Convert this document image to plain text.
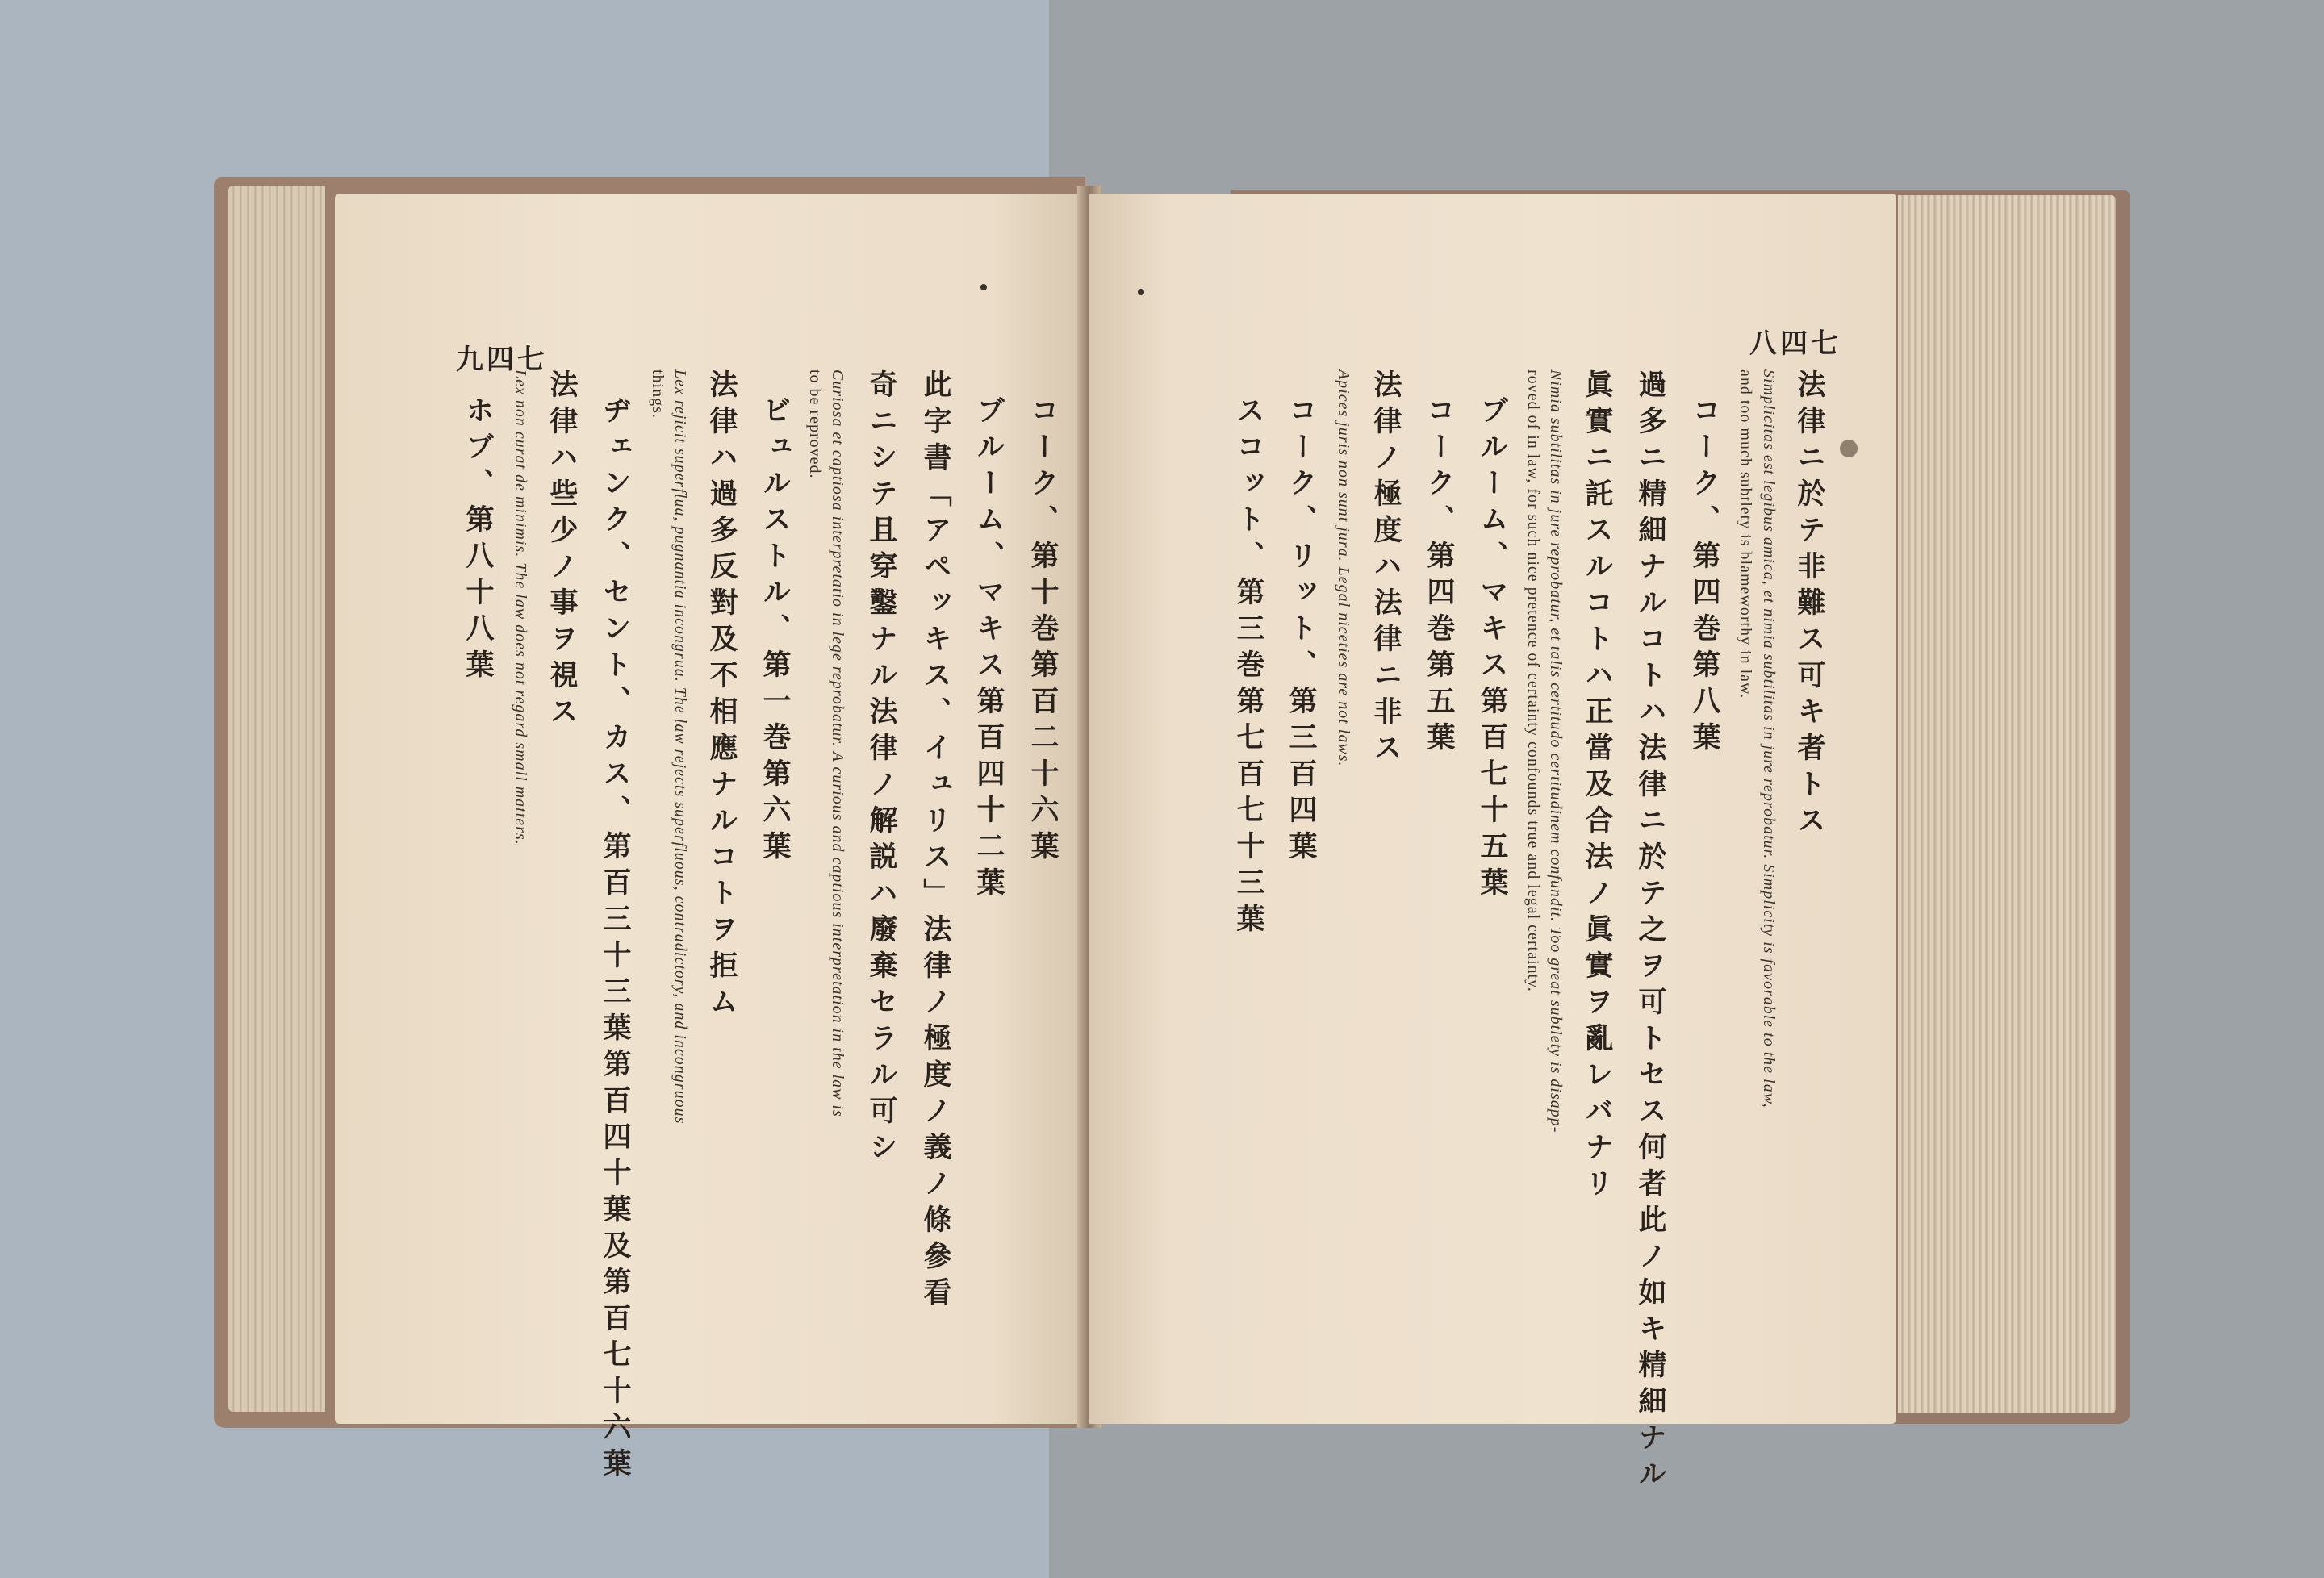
九四七
コーク、第十巻第百二十六葉
ブルーム、マキス第百四十二葉
此字書「アペッキス、イュリス」法律ノ極度ノ義ノ條參看
奇ニシテ且穿鑿ナル法律ノ解説ハ廢棄セラル可シ
Curiosa et captiosa interpretatio in lege reprobatur. A curious and captious interpretation in the law is
to be reproved.
ビュルストル、第一巻第六葉
法律ハ過多反對及不相應ナルコトヲ拒ム
Lex rejicit superflua, pugnantia incongrua. The law rejects superfluous, contradictory, and incongruous
things.
ヂェンク、セント、カス、第百三十三葉第百四十葉及第百七十六葉
法律ハ些少ノ事ヲ視ス
Lex non curat de minimis. The law does not regard small matters.
ホブ、第八十八葉
八四七
法律ニ於テ非難ス可キ者トス
Simplicitas est legibus amica, et nimia subtilitas in jure reprobatur. Simplicity is favorable to the law,
and too much subtlety is blameworthy in law.
コーク、第四巻第八葉
過多ニ精細ナルコトハ法律ニ於テ之ヲ可トセス何者此ノ如キ精細ナル
眞實ニ託スルコトハ正當及合法ノ眞實ヲ亂レバナリ
Nimia subtilitas in jure reprobatur, et talis certitudo certitudinem confundit. Too great subtlety is disapp-
roved of in law, for such nice pretence of certainty confounds true and legal certainty.
ブルーム、マキス第百七十五葉
コーク、第四巻第五葉
法律ノ極度ハ法律ニ非ス
Apices juris non sunt jura. Legal niceties are not laws.
コーク、リット、第三百四葉
スコット、第三巻第七百七十三葉
